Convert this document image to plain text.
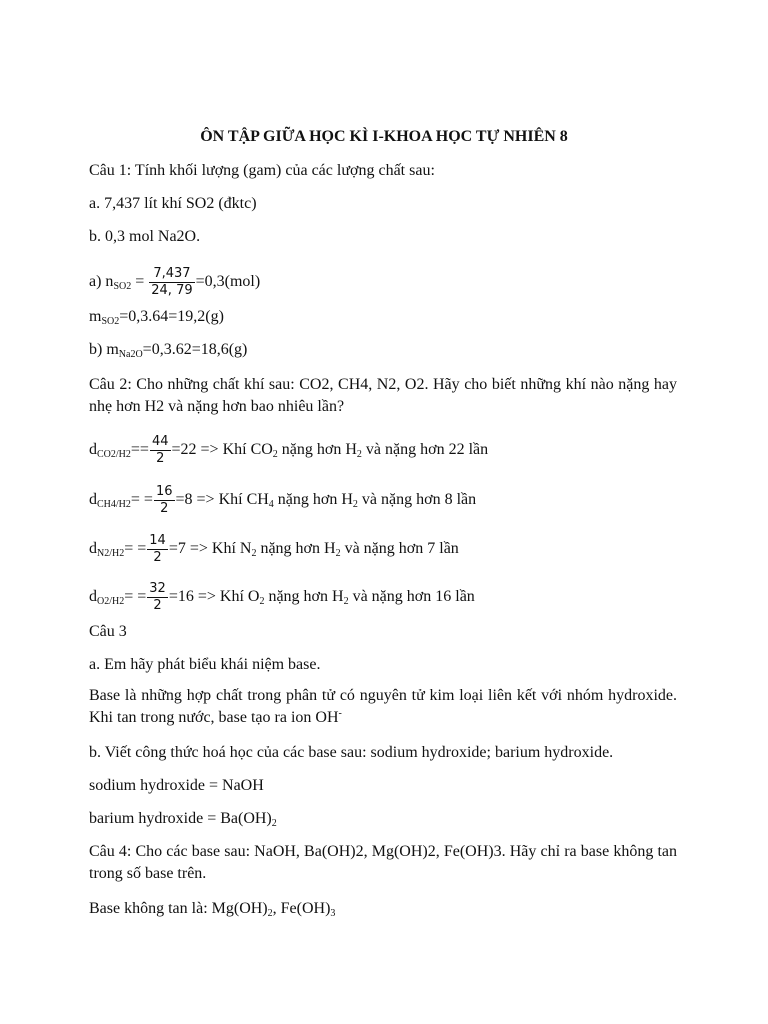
ÔN TẬP GIỮA HỌC KÌ I-KHOA HỌC TỰ NHIÊN 8
Câu 1: Tính khối lượng (gam) của các lượng chất sau:
a. 7,437 lít khí SO2 (đktc)
b. 0,3 mol Na2O.
a) $n_{SO2} = \frac{7,437}{24, 79} =0,3(mol)$
$m_{SO2}=0,3.64=19,2(g)$
b) $m_{Na2O}=0,3.62=18,6(g)$
Câu 2: Cho những chất khí sau: CO2, CH4, N2, O2. Hãy cho biết những khí nào nặng hay nhẹ hơn H2 và nặng hơn bao nhiêu lần?
$d_{CO2/H2}== \frac{44}{2} =22$ => Khí $CO_2$ nặng hơn $H_2$ và nặng hơn 22 lần
$d_{CH4/H2}= = \frac{16}{2} =8$ => Khí $CH_4$ nặng hơn $H_2$ và nặng hơn 8 lần
$d_{N2/H2}= = \frac{14}{2} =7$ => Khí $N_2$ nặng hơn $H_2$ và nặng hơn 7 lần
$d_{O2/H2}= = \frac{32}{2} =16$ => Khí $O_2$ nặng hơn $H_2$ và nặng hơn 16 lần
Câu 3
a. Em hãy phát biểu khái niệm base.
Base là những hợp chất trong phân tử có nguyên tử kim loại liên kết với nhóm hydroxide. Khi tan trong nước, base tạo ra ion OH-
b. Viết công thức hoá học của các base sau: sodium hydroxide; barium hydroxide.
sodium hydroxide = NaOH
barium hydroxide = $Ba(OH)_2$
Câu 4: Cho các base sau: NaOH, Ba(OH)2, Mg(OH)2, Fe(OH)3. Hãy chỉ ra base không tan trong số base trên.
Base không tan là: $Mg(OH)_2$, $Fe(OH)_3$
